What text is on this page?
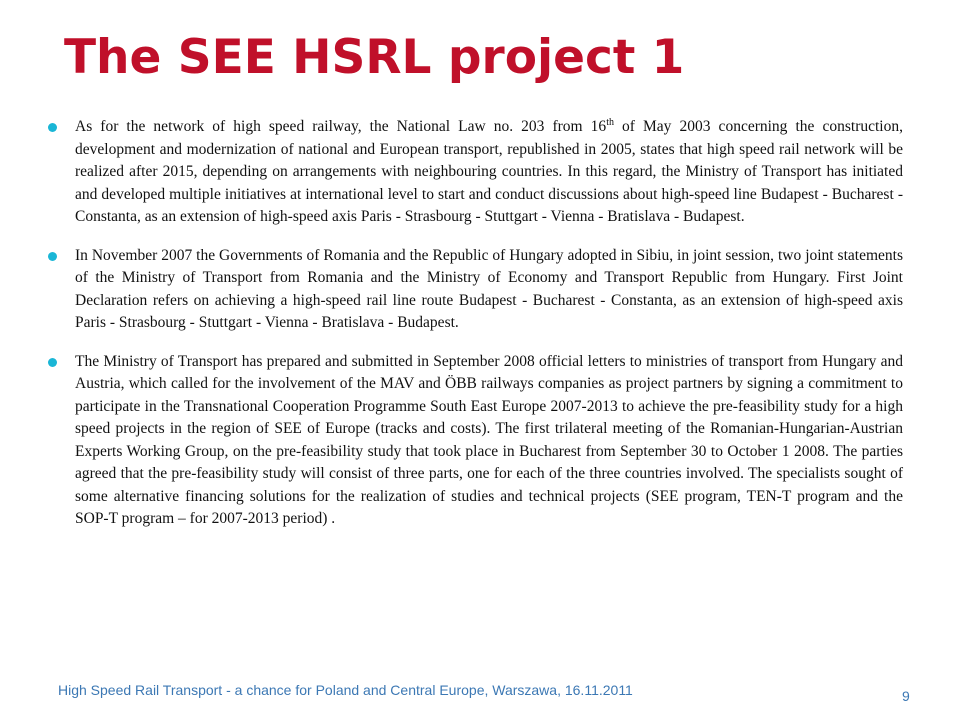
The SEE HSRL project 1

As for the network of high speed railway, the National Law no. 203 from 16th of May 2003 concerning the construction, development and modernization of national and European transport, republished in 2005, states that high speed rail network will be realized after 2015, depending on arrangements with neighbouring countries. In this regard, the Ministry of Transport has initiated and developed multiple initiatives at international level to start and conduct discussions about high-speed line Budapest - Bucharest - Constanta, as an extension of high-speed axis Paris - Strasbourg - Stuttgart - Vienna - Bratislava - Budapest.

In November 2007 the Governments of Romania and the Republic of Hungary adopted in Sibiu, in joint session, two joint statements of the Ministry of Transport from Romania and the Ministry of Economy and Transport Republic from Hungary. First Joint Declaration refers on achieving a high-speed rail line route Budapest - Bucharest - Constanta, as an extension of high-speed axis Paris - Strasbourg - Stuttgart - Vienna - Bratislava - Budapest.

The Ministry of Transport has prepared and submitted in September 2008 official letters to ministries of transport from Hungary and Austria, which called for the involvement of the MAV and ÖBB railways companies as project partners by signing a commitment to participate in the Transnational Cooperation Programme South East Europe 2007-2013 to achieve the pre-feasibility study for a high speed projects in the region of SEE of Europe (tracks and costs). The first trilateral meeting of the Romanian-Hungarian-Austrian Experts Working Group, on the pre-feasibility study that took place in Bucharest from September 30 to October 1 2008. The parties agreed that the pre-feasibility study will consist of three parts, one for each of the three countries involved. The specialists sought of some alternative financing solutions for the realization of studies and technical projects (SEE program, TEN-T program and the SOP-T program – for 2007-2013 period) .

High Speed Rail Transport - a chance for Poland and Central Europe, Warszawa, 16.11.2011	9
